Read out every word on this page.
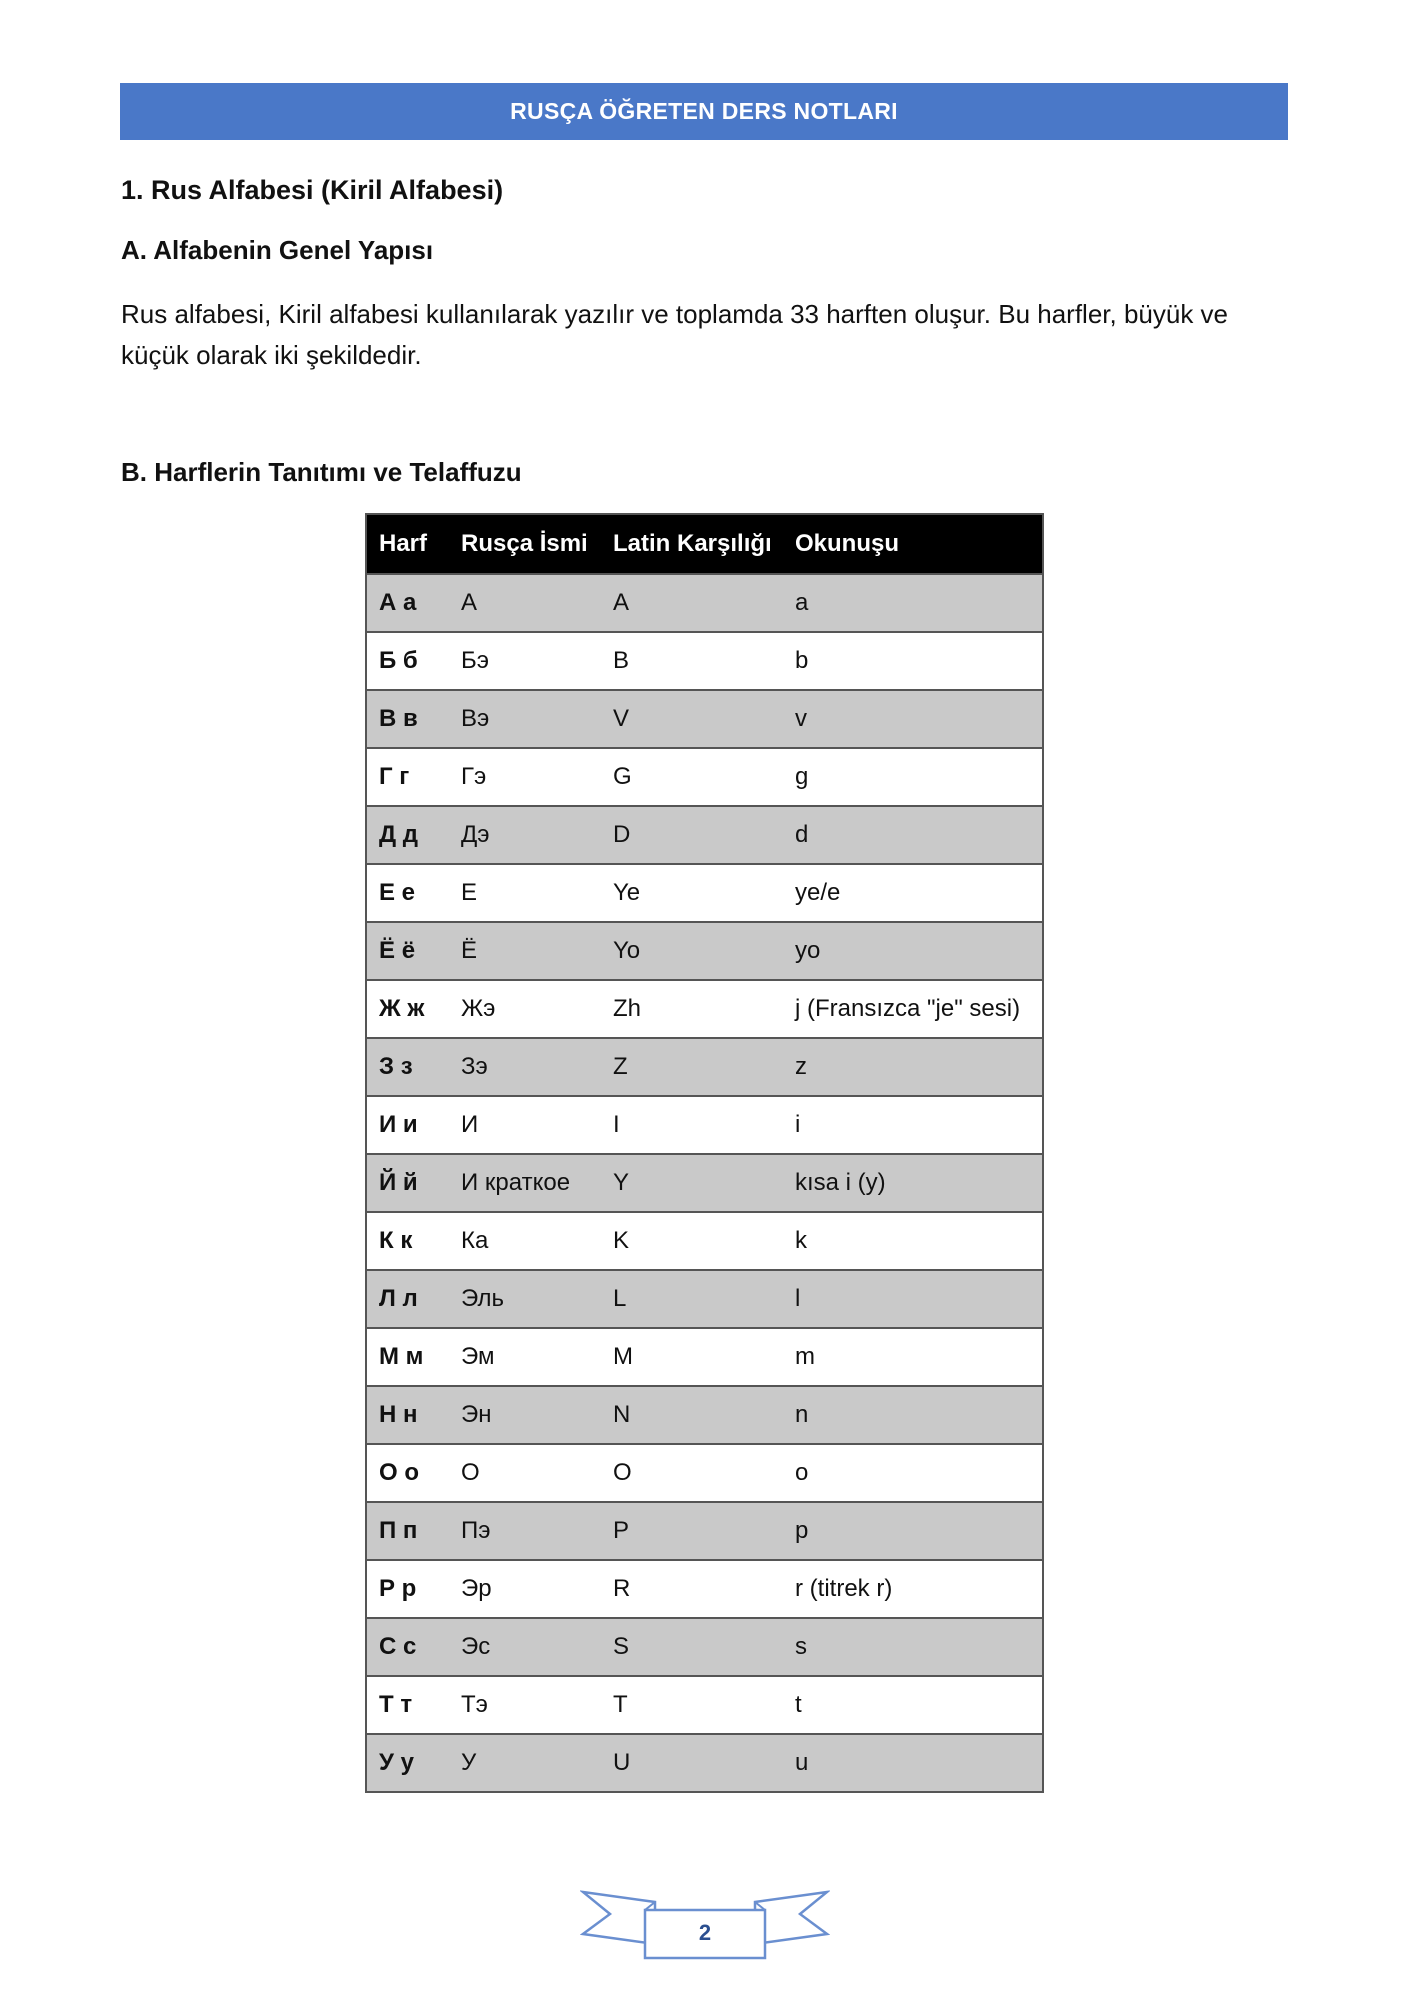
RUSÇA ÖĞRETEN DERS NOTLARI
1. Rus Alfabesi (Kiril Alfabesi)
A. Alfabenin Genel Yapısı
Rus alfabesi, Kiril alfabesi kullanılarak yazılır ve toplamda 33 harften oluşur. Bu harfler, büyük ve küçük olarak iki şekildedir.
B. Harflerin Tanıtımı ve Telaffuzu
Harf	Rusça İsmi	Latin Karşılığı	Okunuşu
А а	А	A	a
Б б	Бэ	B	b
В в	Вэ	V	v
Г г	Гэ	G	g
Д д	Дэ	D	d
Е е	Е	Ye	ye/e
Ё ё	Ё	Yo	yo
Ж ж	Жэ	Zh	j (Fransızca "je" sesi)
З з	Зэ	Z	z
И и	И	I	i
Й й	И краткое	Y	kısa i (y)
К к	Ка	K	k
Л л	Эль	L	l
М м	Эм	M	m
Н н	Эн	N	n
О о	О	O	o
П п	Пэ	P	p
Р р	Эр	R	r (titrek r)
С с	Эс	S	s
Т т	Тэ	T	t
У у	У	U	u
2
